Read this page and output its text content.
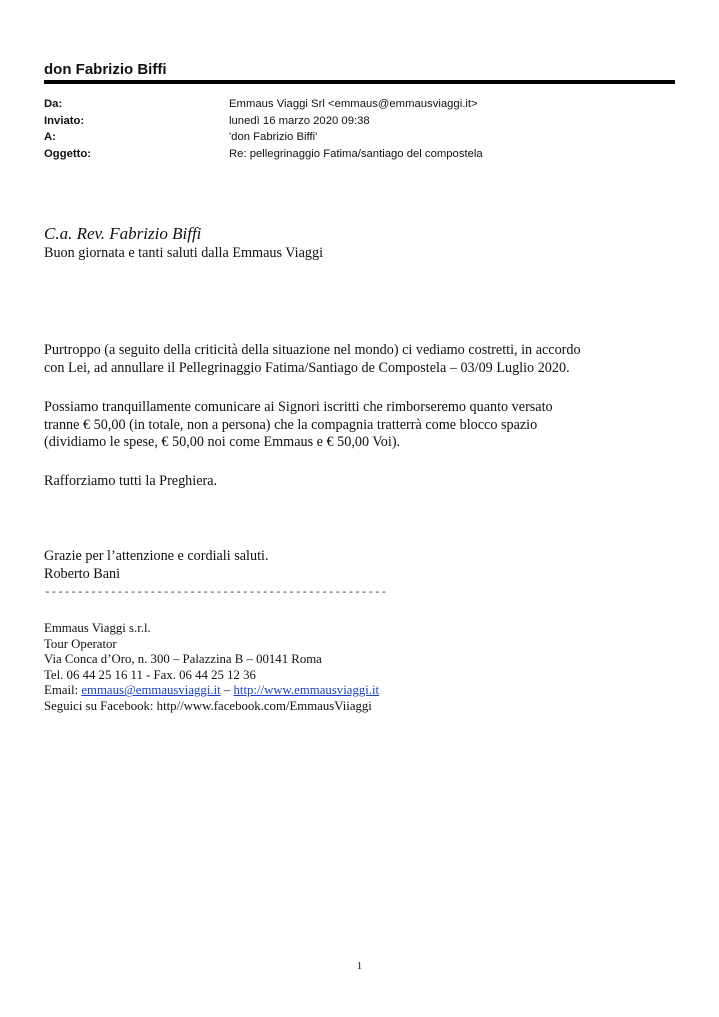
don Fabrizio Biffi
Da:	Emmaus Viaggi Srl <emmaus@emmausviaggi.it>
Inviato:	lunedì 16 marzo 2020 09:38
A:	'don Fabrizio Biffi'
Oggetto:	Re: pellegrinaggio Fatima/santiago del compostela
C.a. Rev. Fabrizio Biffi
Buon giornata e tanti saluti dalla Emmaus Viaggi
Purtroppo (a seguito della criticità della situazione nel mondo) ci vediamo costretti, in accordo
con Lei, ad annullare il Pellegrinaggio Fatima/Santiago de Compostela – 03/09 Luglio 2020.
Possiamo tranquillamente comunicare ai Signori iscritti che rimborseremo quanto versato
tranne € 50,00 (in totale, non a persona) che la compagnia tratterrà come blocco spazio
(dividiamo le spese, € 50,00 noi come Emmaus e € 50,00 Voi).
Rafforziamo tutti la Preghiera.
Grazie per l’attenzione e cordiali saluti.
Roberto Bani
----------------------------------------------------
Emmaus Viaggi s.r.l.
Tour Operator
Via Conca d’Oro, n. 300 – Palazzina B – 00141 Roma
Tel. 06 44 25 16 11 - Fax. 06 44 25 12 36
Email: emmaus@emmausviaggi.it – http://www.emmausviaggi.it
Seguici su Facebook: http//www.facebook.com/EmmausViiaggi
1
